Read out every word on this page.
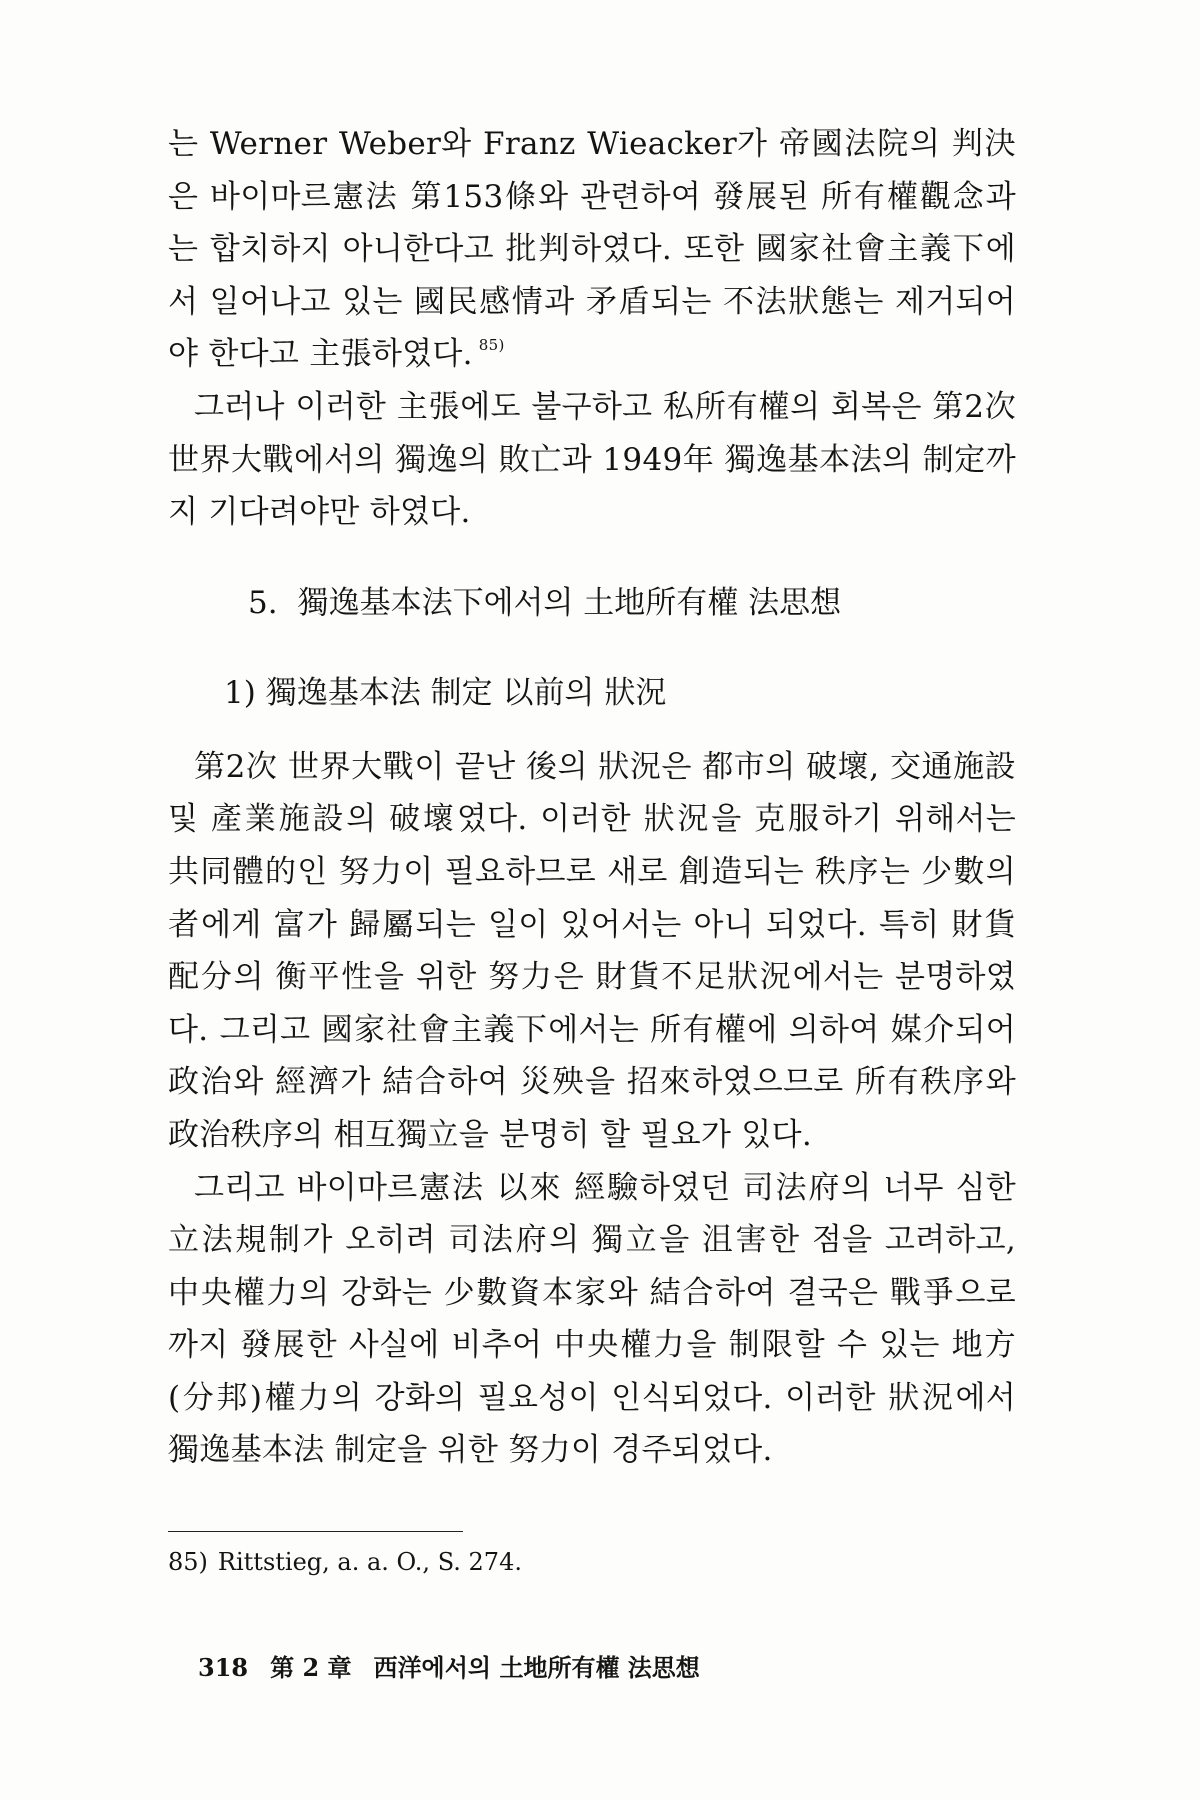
는 Werner Weber와 Franz Wieacker가 帝國法院의 判決은 바이마르憲法 第153條와 관련하여 發展된 所有權觀念과는 합치하지 아니한다고 批判하였다. 또한 國家社會主義下에서 일어나고 있는 國民感情과 矛盾되는 不法狀態는 제거되어야 한다고 主張하였다. $^{85)}$

그러나 이러한 主張에도 불구하고 私所有權의 회복은 第2次 世界大戰에서의 獨逸의 敗亡과 1949年 獨逸基本法의 制定까지 기다려야만 하였다.

5. 獨逸基本法下에서의 土地所有權 法思想
1) 獨逸基本法 制定 以前의 狀況

第2次 世界大戰이 끝난 後의 狀況은 都市의 破壞, 交通施設 및 產業施設의 破壞였다. 이러한 狀況을 克服하기 위해서는 共同體的인 努力이 필요하므로 새로 創造되는 秩序는 少數의 者에게 富가 歸屬되는 일이 있어서는 아니 되었다. 특히 財貨配分의 衡平性을 위한 努力은 財貨不足狀況에서는 분명하였다. 그리고 國家社會主義下에서는 所有權에 의하여 媒介되어 政治와 經濟가 結合하여 災殃을 招來하였으므로 所有秩序와 政治秩序의 相互獨立을 분명히 할 필요가 있다.

그리고 바이마르憲法 以來 經驗하였던 司法府의 너무 심한 立法規制가 오히려 司法府의 獨立을 沮害한 점을 고려하고, 中央權力의 강화는 少數資本家와 結合하여 결국은 戰爭으로까지 發展한 사실에 비추어 中央權力을 制限할 수 있는 地方(分邦)權力의 강화의 필요성이 인식되었다. 이러한 狀況에서 獨逸基本法 制定을 위한 努力이 경주되었다.

85) Rittstieg, a. a. O., S. 274.

318 第 2 章 西洋에서의 土地所有權 法思想
